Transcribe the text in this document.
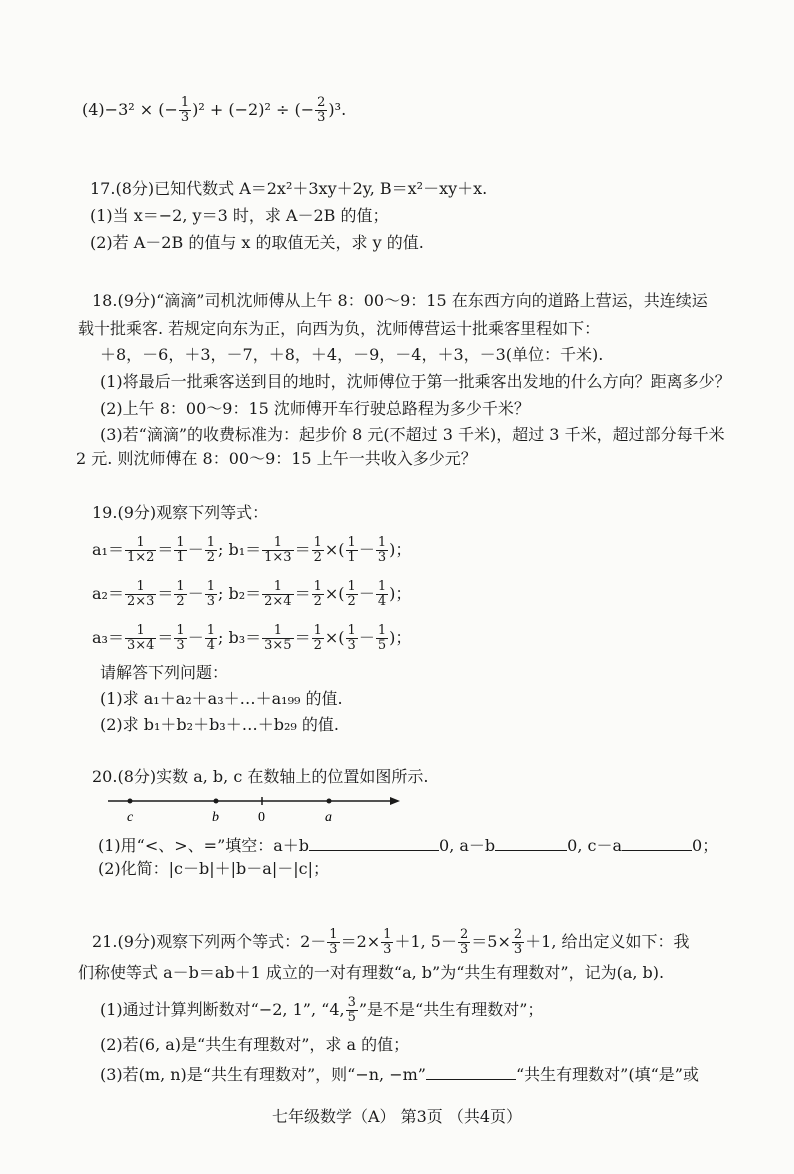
(4)−3² × (− $\frac{1}{3} )^2 + (-2)^2$ ÷ (− $\frac{2}{3} )^3$.
17.(8分)已知代数式 A＝2x²＋3xy＋2y, B＝x²－xy＋x.
(1)当 x＝−2, y＝3 时，求 A－2B 的值；
(2)若 A－2B 的值与 x 的取值无关，求 y 的值.
18.(9分)“滴滴”司机沈师傅从上午 8：00～9：15 在东西方向的道路上营运，共连续运
载十批乘客. 若规定向东为正，向西为负，沈师傅营运十批乘客里程如下：
＋8，－6，＋3，－7，＋8，＋4，－9，－4，＋3，－3(单位：千米).
(1)将最后一批乘客送到目的地时，沈师傅位于第一批乘客出发地的什么方向？距离多少？
(2)上午 8：00～9：15 沈师傅开车行驶总路程为多少千米？
(3)若“滴滴”的收费标准为：起步价 8 元(不超过 3 千米)，超过 3 千米，超过部分每千米
2 元. 则沈师傅在 8：00～9：15 上午一共收入多少元？
19.(9分)观察下列等式：
$a_1= \frac{1}{1\times 2} = \frac{1}{1} - \frac{1}{2}$ ; $b_1= \frac{1}{1\times 3} = \frac{1}{2}$ ×( $\frac{1}{1} - \frac{1}{3}$ )；
$a_2= \frac{1}{2\times 3} = \frac{1}{2} - \frac{1}{3}$ ; $b_2= \frac{1}{2\times 4} = \frac{1}{2}$ ×( $\frac{1}{2} - \frac{1}{4}$ )；
$a_3= \frac{1}{3\times 4} = \frac{1}{3} - \frac{1}{4}$ ; $b_3= \frac{1}{3\times 5} = \frac{1}{2}$ ×( $\frac{1}{3} - \frac{1}{5}$ )；
请解答下列问题：
(1)求 a₁＋a₂＋a₃＋…＋a₁₉₉ 的值.
(2)求 b₁＋b₂＋b₃＋…＋b₂₉ 的值.
20.(8分)实数 a, b, c 在数轴上的位置如图所示.
c	b	0	a
(1)用“<、>、=”填空：a＋b	0, a－b	0, c－a	0；
(2)化简：|c－b|＋|b－a|－|c|；
21.(9分)观察下列两个等式：$2- \frac{1}{3} =2\times \frac{1}{3} +1$, $5- \frac{2}{3} =5\times \frac{2}{3} +1$, 给出定义如下：我
们称使等式 a－b＝ab＋1 成立的一对有理数“a, b”为“共生有理数对”，记为(a, b).
(1)通过计算判断数对“−2, 1”, “4, $\frac{3}{5}$ ”是不是“共生有理数对”；
(2)若(6, a)是“共生有理数对”，求 a 的值；
(3)若(m, n)是“共生有理数对”，则“−n, −m”	“共生有理数对”(填“是”或
七年级数学（A） 第3页 （共4页）
